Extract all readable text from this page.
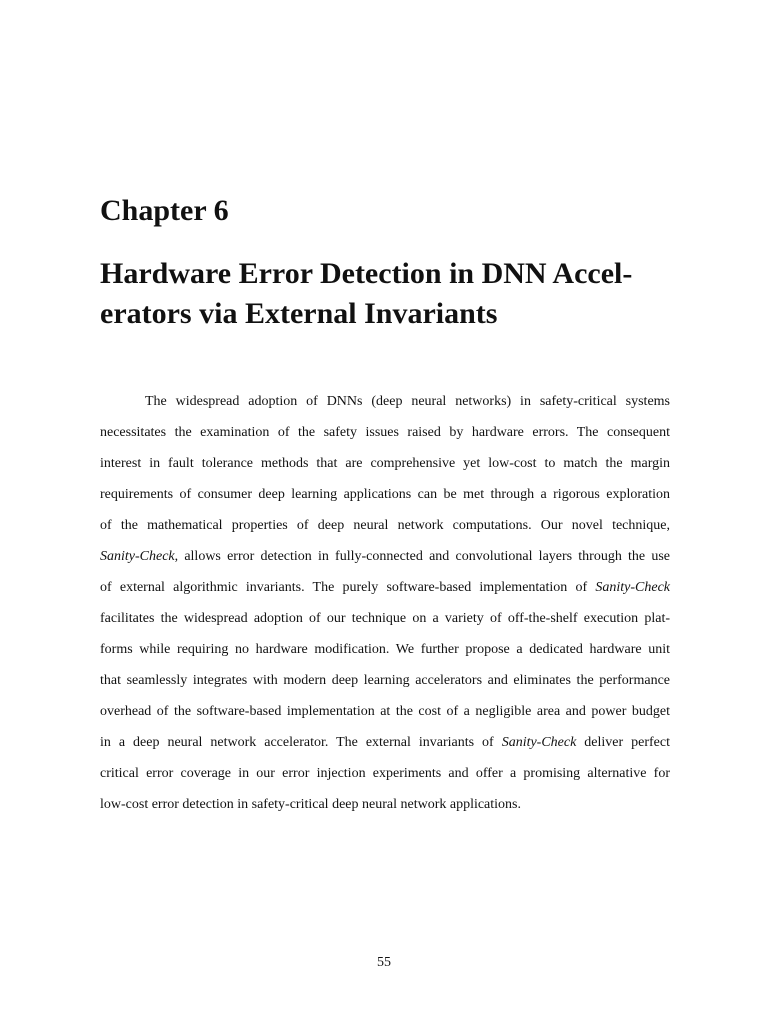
Chapter 6
Hardware Error Detection in DNN Accel-
erators via External Invariants
The widespread adoption of DNNs (deep neural networks) in safety-critical systems
necessitates the examination of the safety issues raised by hardware errors. The consequent
interest in fault tolerance methods that are comprehensive yet low-cost to match the margin
requirements of consumer deep learning applications can be met through a rigorous exploration
of the mathematical properties of deep neural network computations. Our novel technique,
Sanity-Check, allows error detection in fully-connected and convolutional layers through the use
of external algorithmic invariants. The purely software-based implementation of Sanity-Check
facilitates the widespread adoption of our technique on a variety of off-the-shelf execution plat-
forms while requiring no hardware modification. We further propose a dedicated hardware unit
that seamlessly integrates with modern deep learning accelerators and eliminates the performance
overhead of the software-based implementation at the cost of a negligible area and power budget
in a deep neural network accelerator. The external invariants of Sanity-Check deliver perfect
critical error coverage in our error injection experiments and offer a promising alternative for
low-cost error detection in safety-critical deep neural network applications.
55
